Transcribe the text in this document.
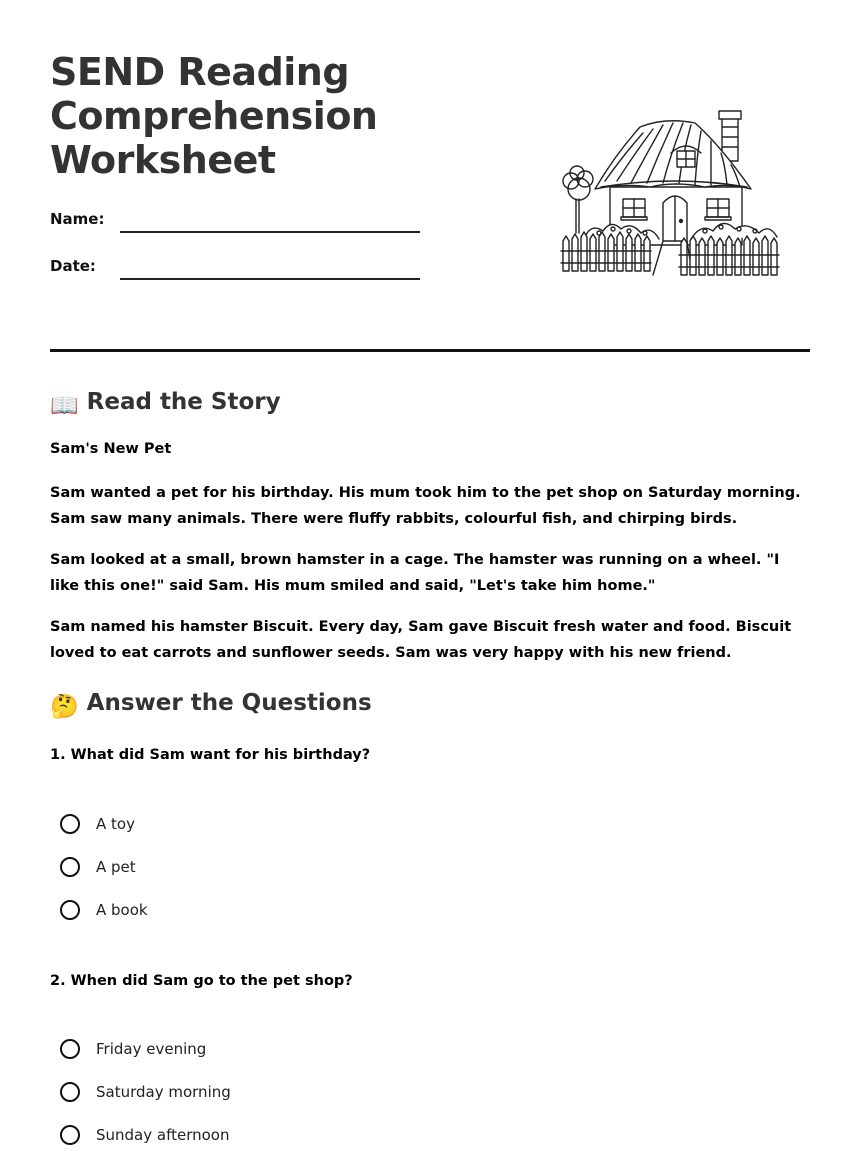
SEND Reading
Comprehension
Worksheet
Name:
Date:
📖 Read the Story
Sam's New Pet

Sam wanted a pet for his birthday. His mum took him to the pet shop on Saturday morning. Sam saw many animals. There were fluffy rabbits, colourful fish, and chirping birds.

Sam looked at a small, brown hamster in a cage. The hamster was running on a wheel. "I like this one!" said Sam. His mum smiled and said, "Let's take him home."

Sam named his hamster Biscuit. Every day, Sam gave Biscuit fresh water and food. Biscuit loved to eat carrots and sunflower seeds. Sam was very happy with his new friend.

🤔 Answer the Questions

1. What did Sam want for his birthday?

A toy
A pet
A book

2. When did Sam go to the pet shop?

Friday evening
Saturday morning
Sunday afternoon
